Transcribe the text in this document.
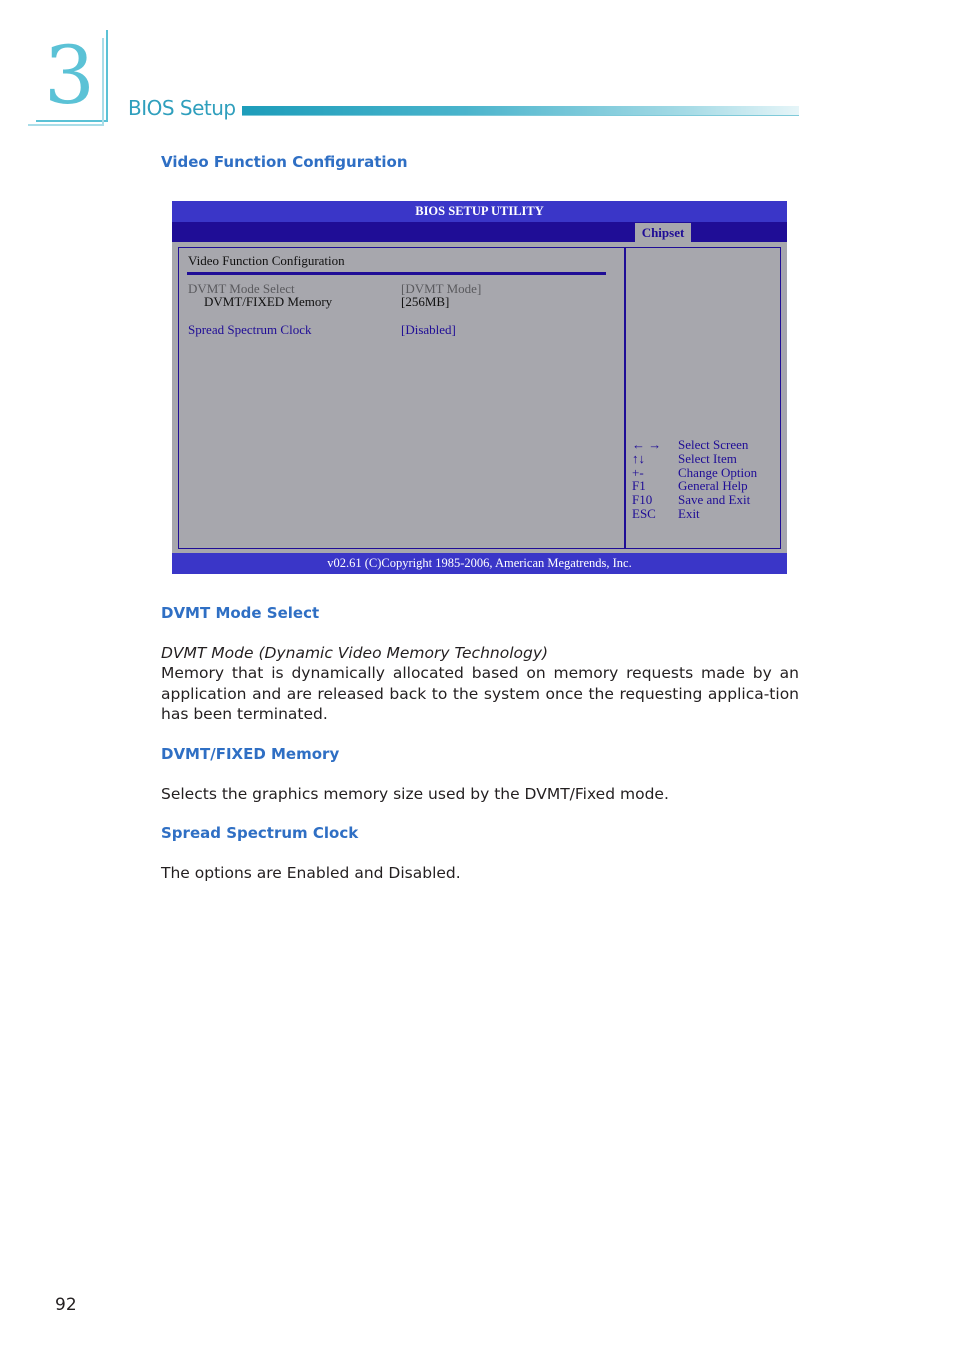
3 BIOS Setup
Video Function Configuration
BIOS SETUP UTILITY
Chipset
Video Function Configuration
DVMT Mode Select	[DVMT Mode]
DVMT/FIXED Memory	[256MB]
Spread Spectrum Clock	[Disabled]
← → Select Screen
↑↓	Select Item
+-	Change Option
F1 General Help
F10 Save and Exit
ESC Exit
v02.61 (C)Copyright 1985-2006, American Megatrends, Inc.
DVMT Mode Select
DVMT Mode (Dynamic Video Memory Technology)
Memory that is dynamically allocated based on memory requests made by an application and are released back to the system once the requesting applica-tion has been terminated.
DVMT/FIXED Memory
Selects the graphics memory size used by the DVMT/Fixed mode.
Spread Spectrum Clock
The options are Enabled and Disabled.
92
